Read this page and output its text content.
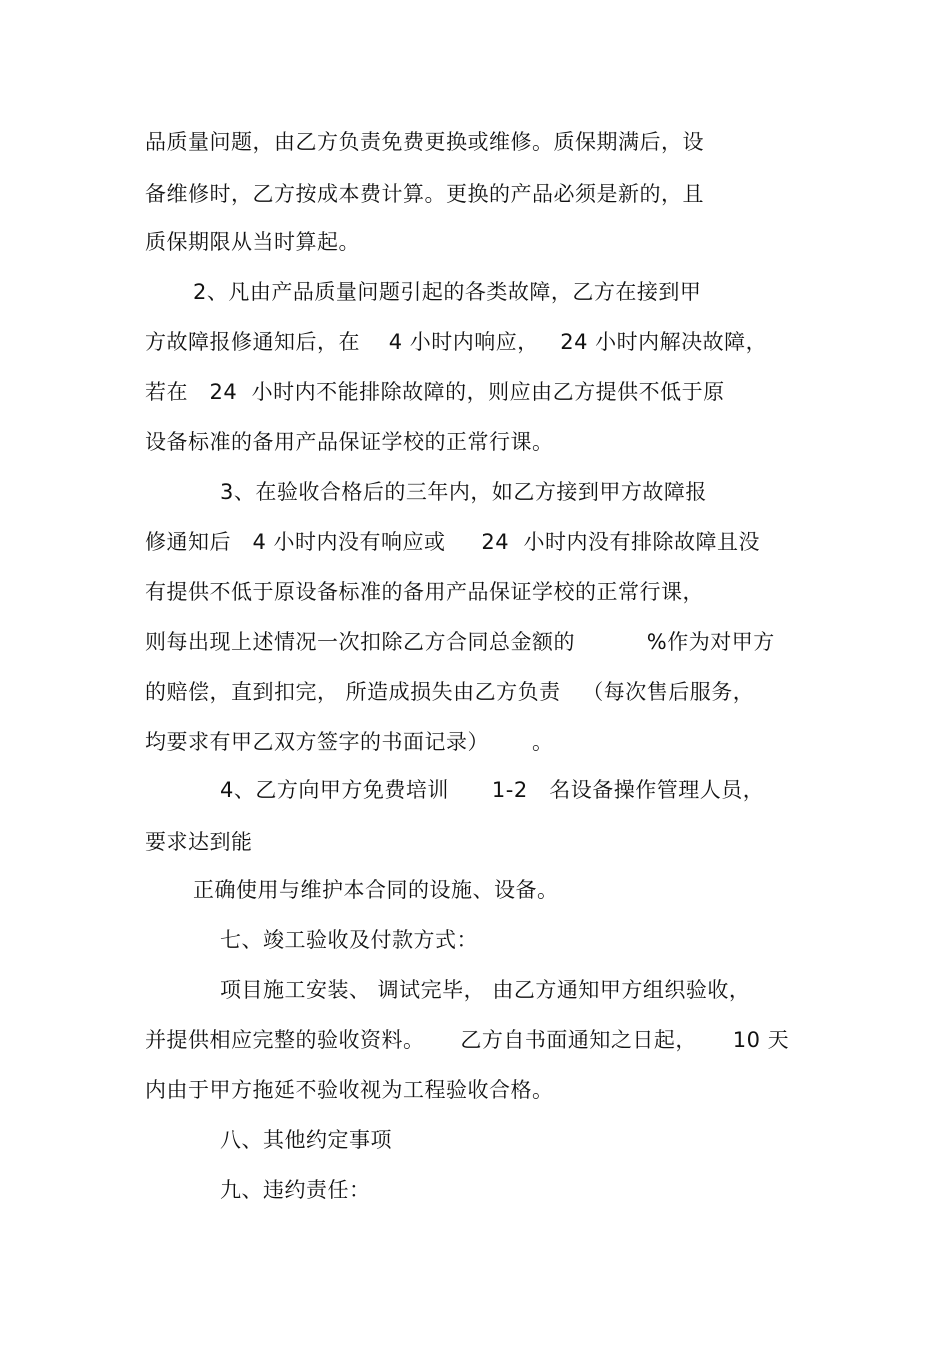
品质量问题，由乙方负责免费更换或维修。质保期满后，设
备维修时，乙方按成本费计算。更换的产品必须是新的，且
质保期限从当时算起。
2、凡由产品质量问题引起的各类故障，乙方在接到甲
方故障报修通知后，在    4 小时内响应，   24 小时内解决故障，
若在   24  小时内不能排除故障的，则应由乙方提供不低于原
设备标准的备用产品保证学校的正常行课。
3、在验收合格后的三年内，如乙方接到甲方故障报
修通知后   4 小时内没有响应或     24  小时内没有排除故障且没
有提供不低于原设备标准的备用产品保证学校的正常行课，
则每出现上述情况一次扣除乙方合同总金额的          %作为对甲方
的赔偿，直到扣完， 所造成损失由乙方负责   （每次售后服务，
均要求有甲乙双方签字的书面记录）      。
4、乙方向甲方免费培训      1-2   名设备操作管理人员，
要求达到能
正确使用与维护本合同的设施、设备。
七、竣工验收及付款方式：
项目施工安装、 调试完毕， 由乙方通知甲方组织验收，
并提供相应完整的验收资料。     乙方自书面通知之日起，     10 天
内由于甲方拖延不验收视为工程验收合格。
八、其他约定事项
九、违约责任：
